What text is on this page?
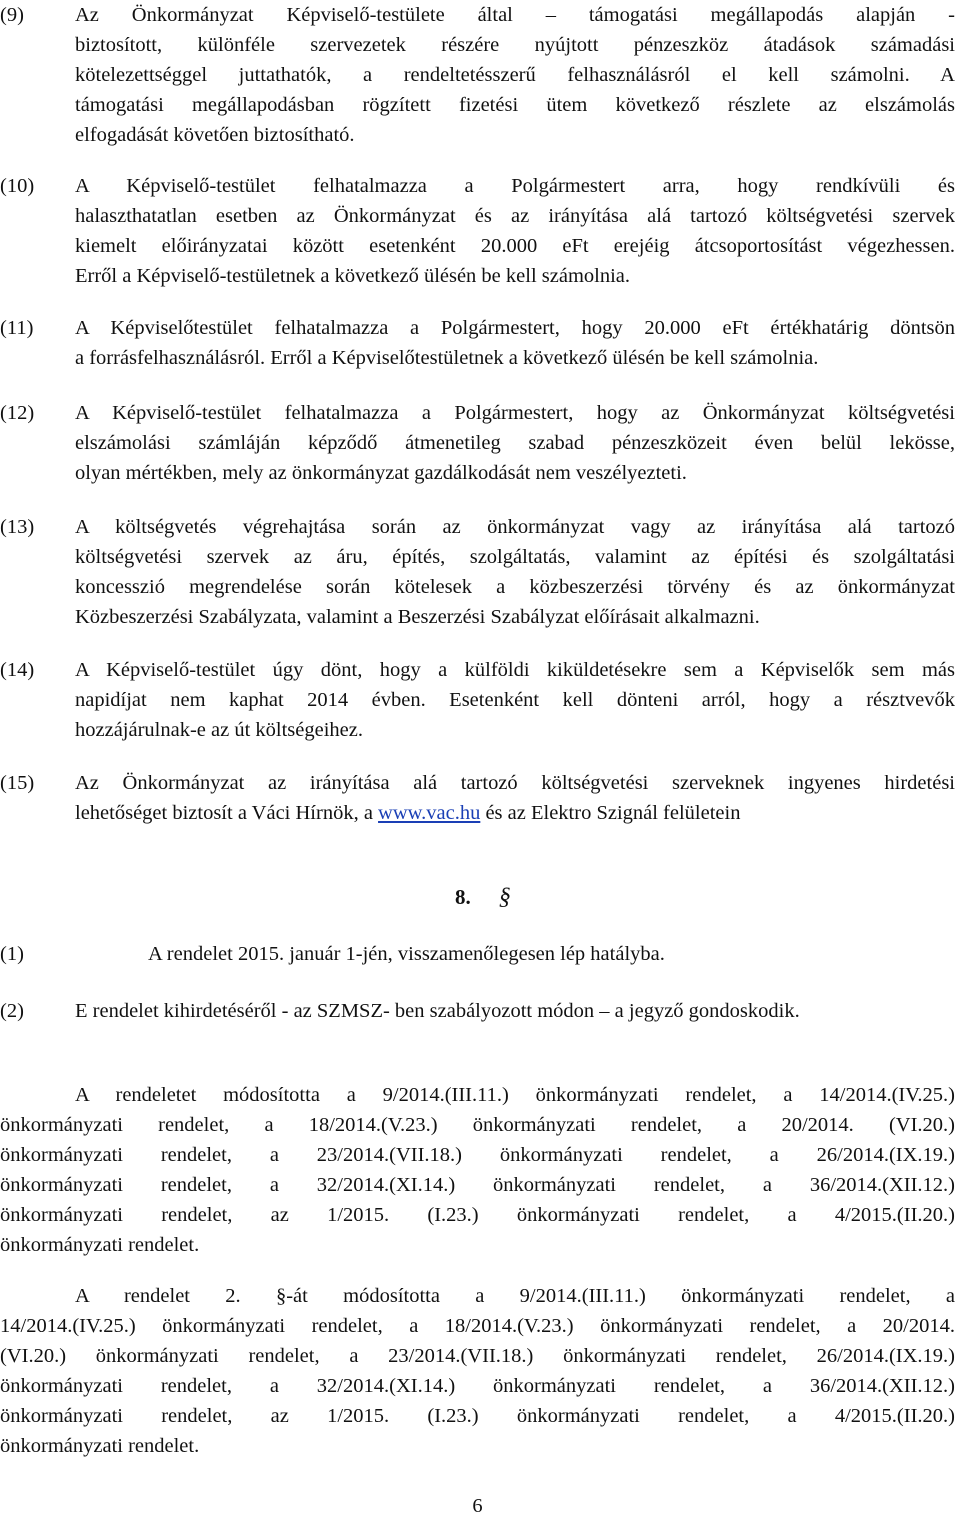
(9) Az Önkormányzat Képviselő-testülete által – támogatási megállapodás alapján -
biztosított, különféle szervezetek részére nyújtott pénzeszköz átadások számadási
kötelezettséggel juttathatók, a rendeltetésszerű felhasználásról el kell számolni. A
támogatási megállapodásban rögzített fizetési ütem következő részlete az elszámolás
elfogadását követően biztosítható.
(10) A Képviselő-testület felhatalmazza a Polgármestert arra, hogy rendkívüli és
halaszthatatlan esetben az Önkormányzat és az irányítása alá tartozó költségvetési szervek
kiemelt előirányzatai között esetenként 20.000 eFt erejéig átcsoportosítást végezhessen.
Erről a Képviselő-testületnek a következő ülésén be kell számolnia.
(11) A Képviselőtestület felhatalmazza a Polgármestert, hogy 20.000 eFt értékhatárig döntsön
a forrásfelhasználásról. Erről a Képviselőtestületnek a következő ülésén be kell számolnia.
(12) A Képviselő-testület felhatalmazza a Polgármestert, hogy az Önkormányzat költségvetési
elszámolási számláján képződő átmenetileg szabad pénzeszközeit éven belül lekösse,
olyan mértékben, mely az önkormányzat gazdálkodását nem veszélyezteti.
(13) A költségvetés végrehajtása során az önkormányzat vagy az irányítása alá tartozó
költségvetési szervek az áru, építés, szolgáltatás, valamint az építési és szolgáltatási
koncesszió megrendelése során kötelesek a közbeszerzési törvény és az önkormányzat
Közbeszerzési Szabályzata, valamint a Beszerzési Szabályzat előírásait alkalmazni.
(14) A Képviselő-testület úgy dönt, hogy a külföldi kiküldetésekre sem a Képviselők sem más
napidíjat nem kaphat 2014 évben. Esetenként kell dönteni arról, hogy a résztvevők
hozzájárulnak-e az út költségeihez.
(15) Az Önkormányzat az irányítása alá tartozó költségvetési szerveknek ingyenes hirdetési
lehetőséget biztosít a Váci Hírnök, a www.vac.hu és az Elektro Szignál felületein
8. §
(1)	A rendelet 2015. január 1-jén, visszamenőlegesen lép hatályba.
(2) E rendelet kihirdetéséről - az SZMSZ- ben szabályozott módon – a jegyző gondoskodik.
A rendeletet módosította a 9/2014.(III.11.) önkormányzati rendelet, a 14/2014.(IV.25.)
önkormányzati rendelet, a 18/2014.(V.23.) önkormányzati rendelet, a 20/2014. (VI.20.)
önkormányzati rendelet, a 23/2014.(VII.18.) önkormányzati rendelet, a 26/2014.(IX.19.)
önkormányzati rendelet, a 32/2014.(XI.14.) önkormányzati rendelet, a 36/2014.(XII.12.)
önkormányzati rendelet, az 1/2015. (I.23.) önkormányzati rendelet, a 4/2015.(II.20.)
önkormányzati rendelet.
A rendelet 2. §-át módosította a 9/2014.(III.11.) önkormányzati rendelet, a
14/2014.(IV.25.) önkormányzati rendelet, a 18/2014.(V.23.) önkormányzati rendelet, a 20/2014.
(VI.20.) önkormányzati rendelet, a 23/2014.(VII.18.) önkormányzati rendelet, 26/2014.(IX.19.)
önkormányzati rendelet, a 32/2014.(XI.14.) önkormányzati rendelet, a 36/2014.(XII.12.)
önkormányzati rendelet, az 1/2015. (I.23.) önkormányzati rendelet, a 4/2015.(II.20.)
önkormányzati rendelet.
6
